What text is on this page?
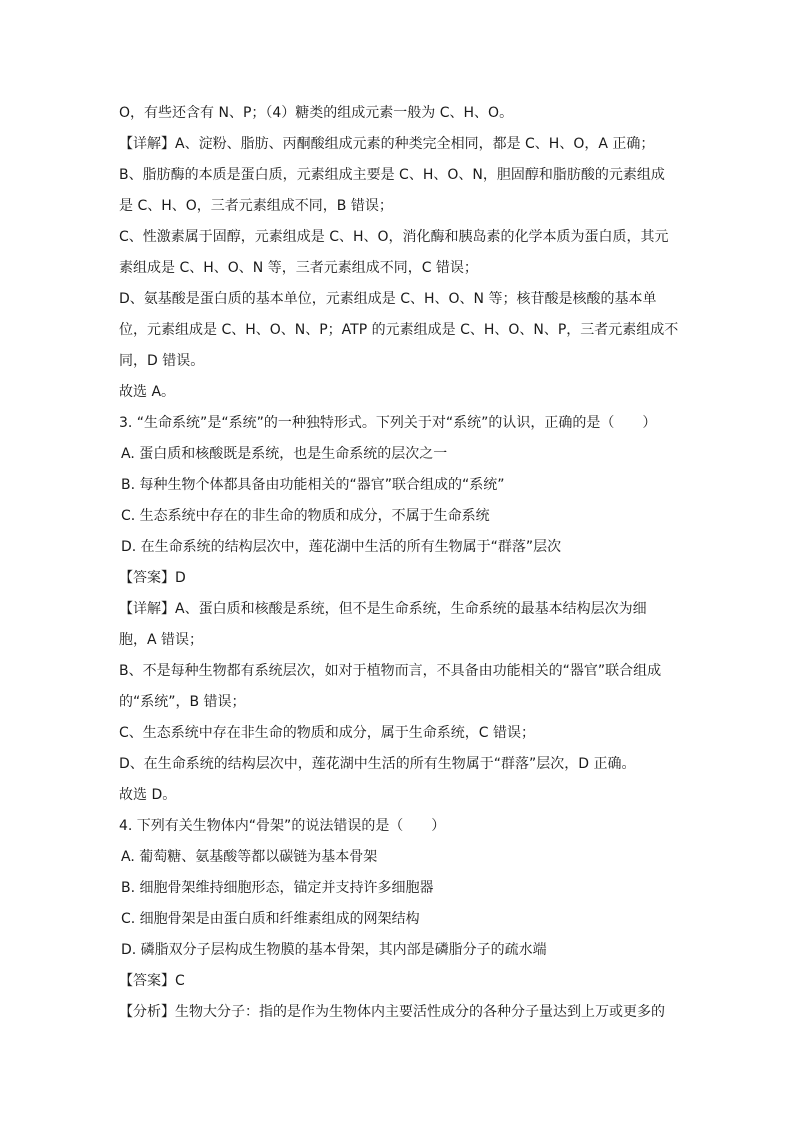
O，有些还含有 N、P；（4）糖类的组成元素一般为 C、H、O。
【详解】A、淀粉、脂肪、丙酮酸组成元素的种类完全相同，都是 C、H、O，A 正确；
B、脂肪酶的本质是蛋白质，元素组成主要是 C、H、O、N，胆固醇和脂肪酸的元素组成
是 C、H、O，三者元素组成不同，B 错误；
C、性激素属于固醇，元素组成是 C、H、O，消化酶和胰岛素的化学本质为蛋白质，其元
素组成是 C、H、O、N 等，三者元素组成不同，C 错误；
D、氨基酸是蛋白质的基本单位，元素组成是 C、H、O、N 等；核苷酸是核酸的基本单
位，元素组成是 C、H、O、N、P；ATP 的元素组成是 C、H、O、N、P，三者元素组成不
同，D 错误。
故选 A。
3. “生命系统”是“系统”的一种独特形式。下列关于对“系统”的认识，正确的是（　　）
A. 蛋白质和核酸既是系统，也是生命系统的层次之一
B. 每种生物个体都具备由功能相关的“器官”联合组成的“系统”
C. 生态系统中存在的非生命的物质和成分，不属于生命系统
D. 在生命系统的结构层次中，莲花湖中生活的所有生物属于“群落”层次
【答案】D
【详解】A、蛋白质和核酸是系统，但不是生命系统，生命系统的最基本结构层次为细
胞，A 错误；
B、不是每种生物都有系统层次，如对于植物而言，不具备由功能相关的“器官”联合组成
的“系统”，B 错误；
C、生态系统中存在非生命的物质和成分，属于生命系统，C 错误；
D、在生命系统的结构层次中，莲花湖中生活的所有生物属于“群落”层次，D 正确。
故选 D。
4. 下列有关生物体内“骨架”的说法错误的是（　　）
A. 葡萄糖、氨基酸等都以碳链为基本骨架
B. 细胞骨架维持细胞形态，锚定并支持许多细胞器
C. 细胞骨架是由蛋白质和纤维素组成的网架结构
D. 磷脂双分子层构成生物膜的基本骨架，其内部是磷脂分子的疏水端
【答案】C
【分析】生物大分子：指的是作为生物体内主要活性成分的各种分子量达到上万或更多的
